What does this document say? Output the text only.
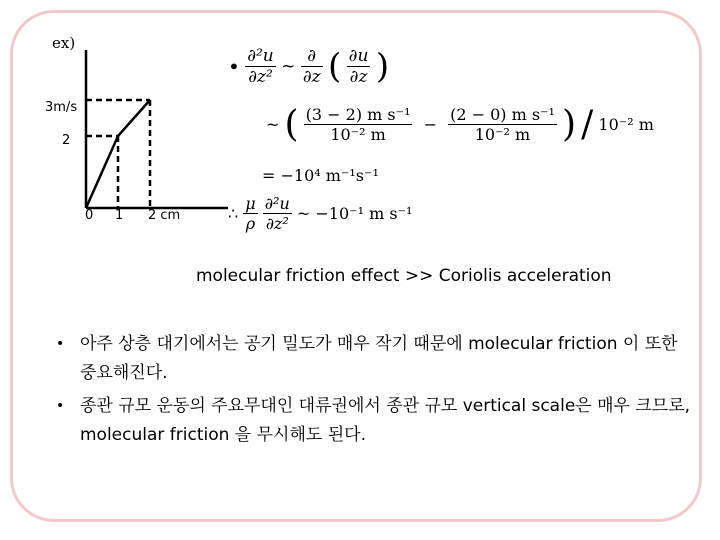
ex)
3m/s
2
0 1 2 cm
• $\frac{\text{∂²u}}{\text{∂z²}}$ ~ $\frac{\partial}{\partial z}$ ( $\frac{\partial u}{\partial z}$ )
~ ( $\frac{\text{(3 − 2) m s⁻¹}}{\text{10⁻² m}} - \frac{\text{(2 − 0) m s⁻¹}}{\text{10⁻² m}}$ ) / 10⁻² m
= −10⁴ m⁻¹s⁻¹
∴ $\frac{\mu}{\rho}$
$\frac{\text{∂²u}}{\text{∂z²}}$ ~ −10⁻¹ m s⁻¹
molecular friction effect >> Coriolis acceleration
• 아주 상층 대기에서는 공기 밀도가 매우 작기 때문에 molecular friction 이 또한 중요해진다.
• 종관 규모 운동의 주요무대인 대류권에서 종관 규모 vertical scale은 매우 크므로, molecular friction 을 무시해도 된다.
